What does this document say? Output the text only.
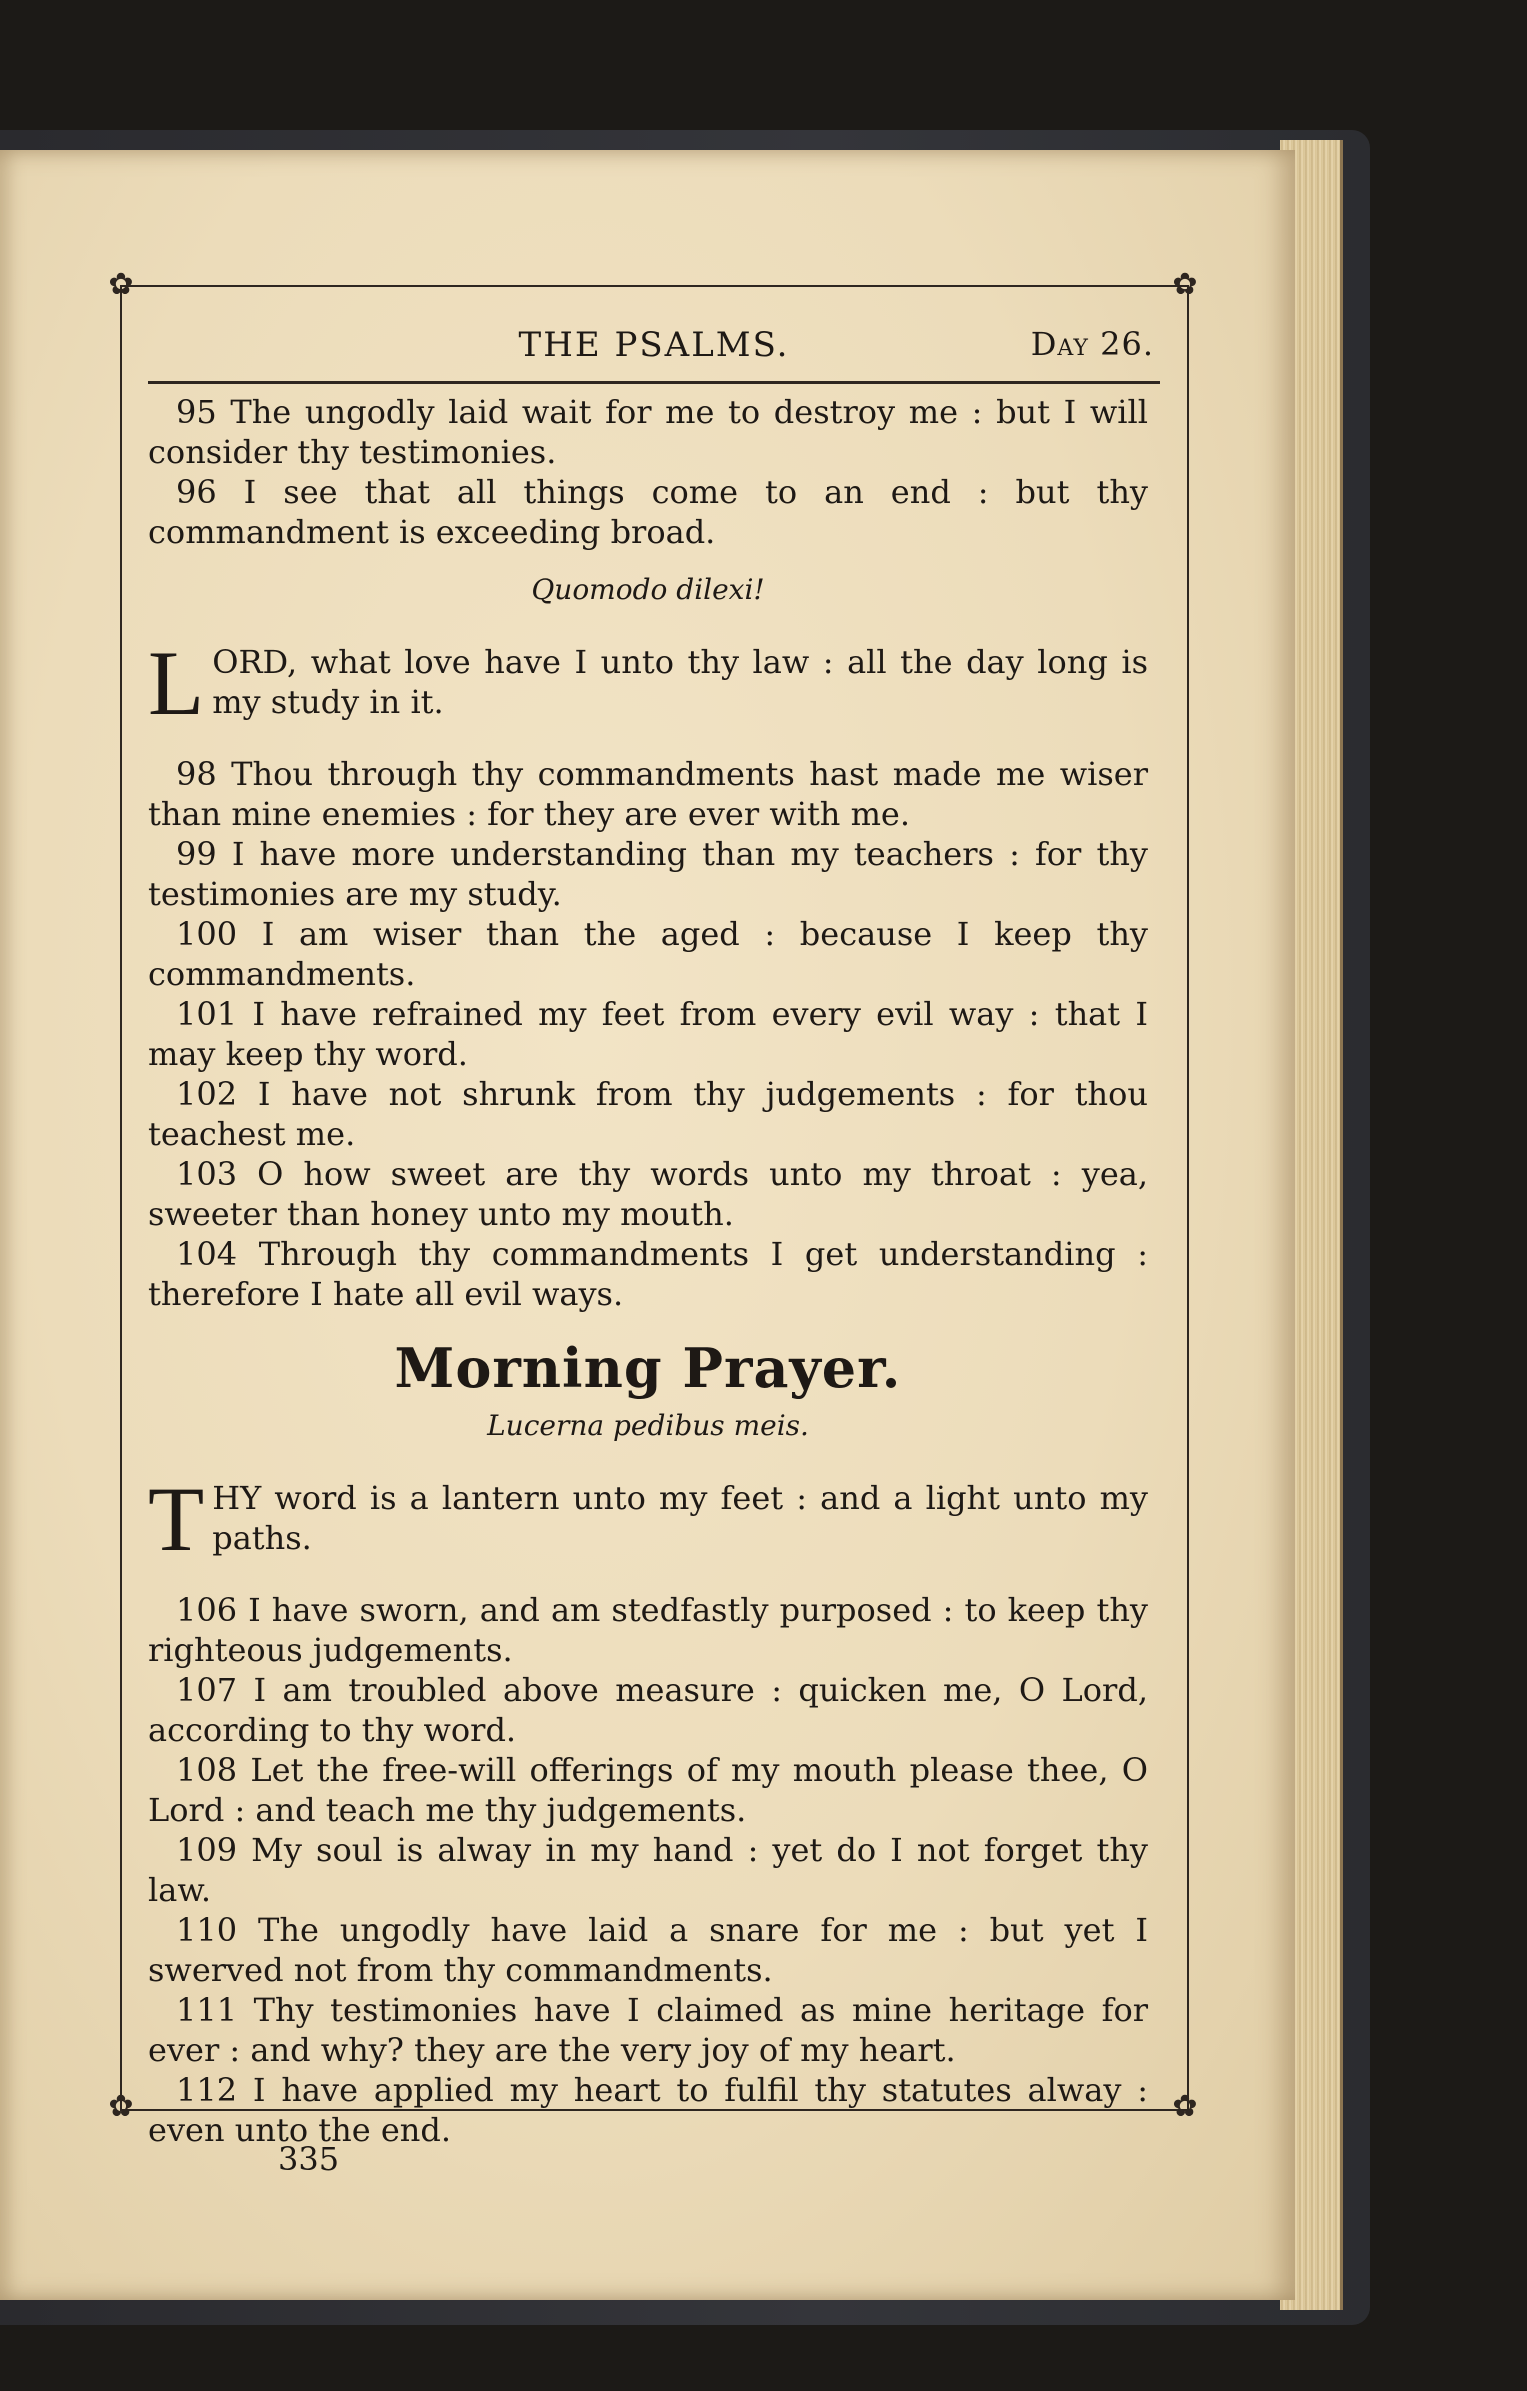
✿	✿
✿	✿
THE PSALMS.	Day 26.

95 The ungodly laid wait for me to destroy me : but I will consider thy testimonies.

96 I see that all things come to an end : but thy commandment is exceeding broad.

Quomodo dilexi!

LORD, what love have I unto thy law : all the day long is my study in it.

98 Thou through thy commandments hast made me wiser than mine enemies : for they are ever with me.

99 I have more understanding than my teachers : for thy testimonies are my study.

100 I am wiser than the aged : because I keep thy commandments.

101 I have refrained my feet from every evil way : that I may keep thy word.

102 I have not shrunk from thy judgements : for thou teachest me.

103 O how sweet are thy words unto my throat : yea, sweeter than honey unto my mouth.

104 Through thy commandments I get understanding : therefore I hate all evil ways.

Morning Prayer.
Lucerna pedibus meis.

THY word is a lantern unto my feet : and a light unto my paths.

106 I have sworn, and am stedfastly purposed : to keep thy righteous judgements.

107 I am troubled above measure : quicken me, O Lord, according to thy word.

108 Let the free-will offerings of my mouth please thee, O Lord : and teach me thy judgements.

109 My soul is alway in my hand : yet do I not forget thy law.

110 The ungodly have laid a snare for me : but yet I swerved not from thy commandments.

111 Thy testimonies have I claimed as mine heritage for ever : and why? they are the very joy of my heart.

112 I have applied my heart to fulfil thy statutes alway : even unto the end.

335
